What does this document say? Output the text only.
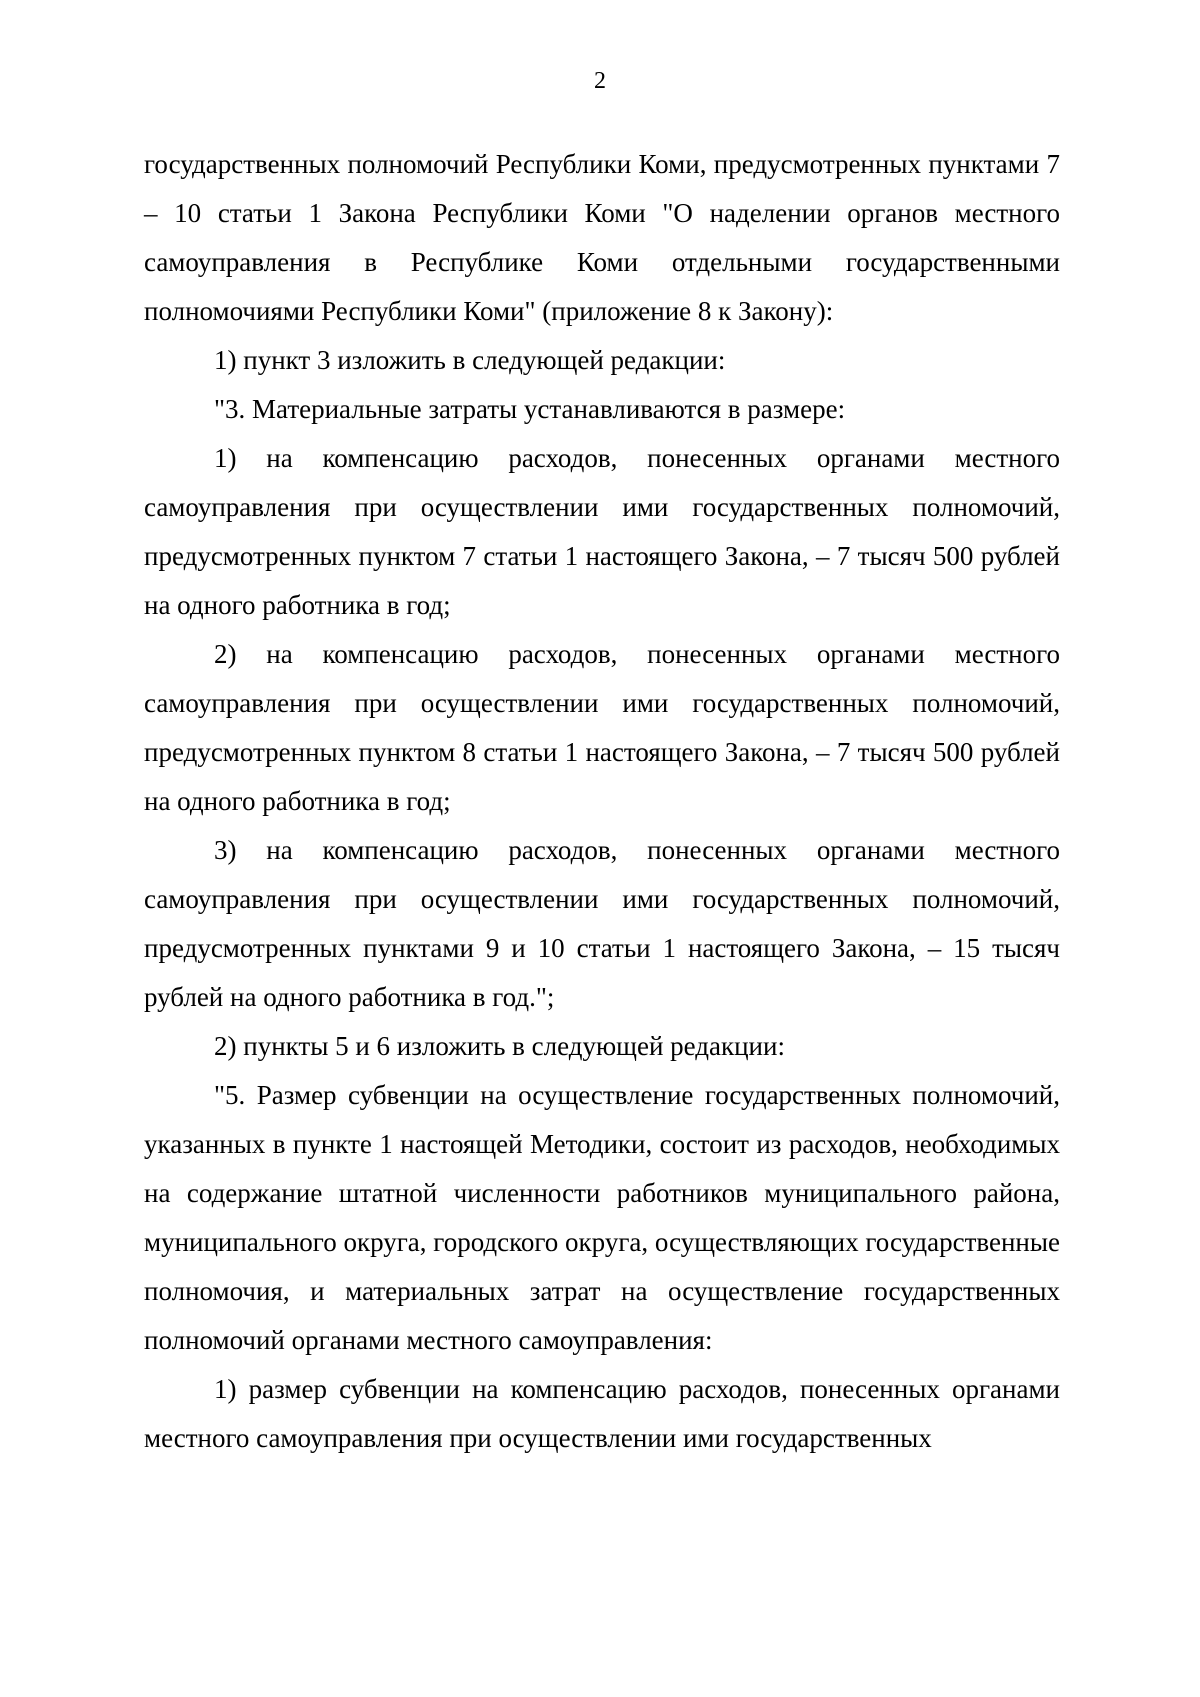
2

государственных полномочий Республики Коми, предусмотренных пунктами 7 – 10 статьи 1 Закона Республики Коми "О наделении органов местного самоуправления в Республике Коми отдельными государственными полномочиями Республики Коми" (приложение 8 к Закону):

1) пункт 3 изложить в следующей редакции:

"3. Материальные затраты устанавливаются в размере:

1) на компенсацию расходов, понесенных органами местного самоуправления при осуществлении ими государственных полномочий, предусмотренных пунктом 7 статьи 1 настоящего Закона, – 7 тысяч 500 рублей на одного работника в год;

2) на компенсацию расходов, понесенных органами местного самоуправления при осуществлении ими государственных полномочий, предусмотренных пунктом 8 статьи 1 настоящего Закона, – 7 тысяч 500 рублей на одного работника в год;

3) на компенсацию расходов, понесенных органами местного самоуправления при осуществлении ими государственных полномочий, предусмотренных пунктами 9 и 10 статьи 1 настоящего Закона, – 15 тысяч рублей на одного работника в год.";

2) пункты 5 и 6 изложить в следующей редакции:

"5. Размер субвенции на осуществление государственных полномочий, указанных в пункте 1 настоящей Методики, состоит из расходов, необходимых на содержание штатной численности работников муниципального района, муниципального округа, городского округа, осуществляющих государственные полномочия, и материальных затрат на осуществление государственных полномочий органами местного самоуправления:

1) размер субвенции на компенсацию расходов, понесенных органами местного самоуправления при осуществлении ими государственных
